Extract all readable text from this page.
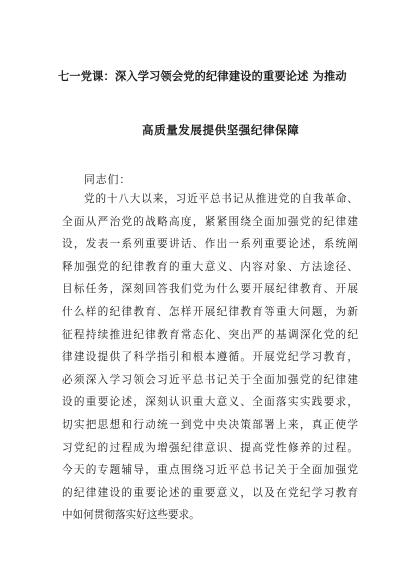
七一党课：深入学习领会党的纪律建设的重要论述 为推动
高质量发展提供坚强纪律保障
同志们：
党的十八大以来，习近平总书记从推进党的自我革命、
全面从严治党的战略高度，紧紧围绕全面加强党的纪律建
设，发表一系列重要讲话、作出一系列重要论述，系统阐
释加强党的纪律教育的重大意义、内容对象、方法途径、
目标任务，深刻回答我们党为什么要开展纪律教育、开展
什么样的纪律教育、怎样开展纪律教育等重大问题，为新
征程持续推进纪律教育常态化、突出严的基调深化党的纪
律建设提供了科学指引和根本遵循。开展党纪学习教育，
必须深入学习领会习近平总书记关于全面加强党的纪律建
设的重要论述，深刻认识重大意义、全面落实实践要求，
切实把思想和行动统一到党中央决策部署上来，真正使学
习党纪的过程成为增强纪律意识、提高党性修养的过程。
今天的专题辅导，重点围绕习近平总书记关于全面加强党
的纪律建设的重要论述的重要意义，以及在党纪学习教育
中如何贯彻落实好这些要求。
